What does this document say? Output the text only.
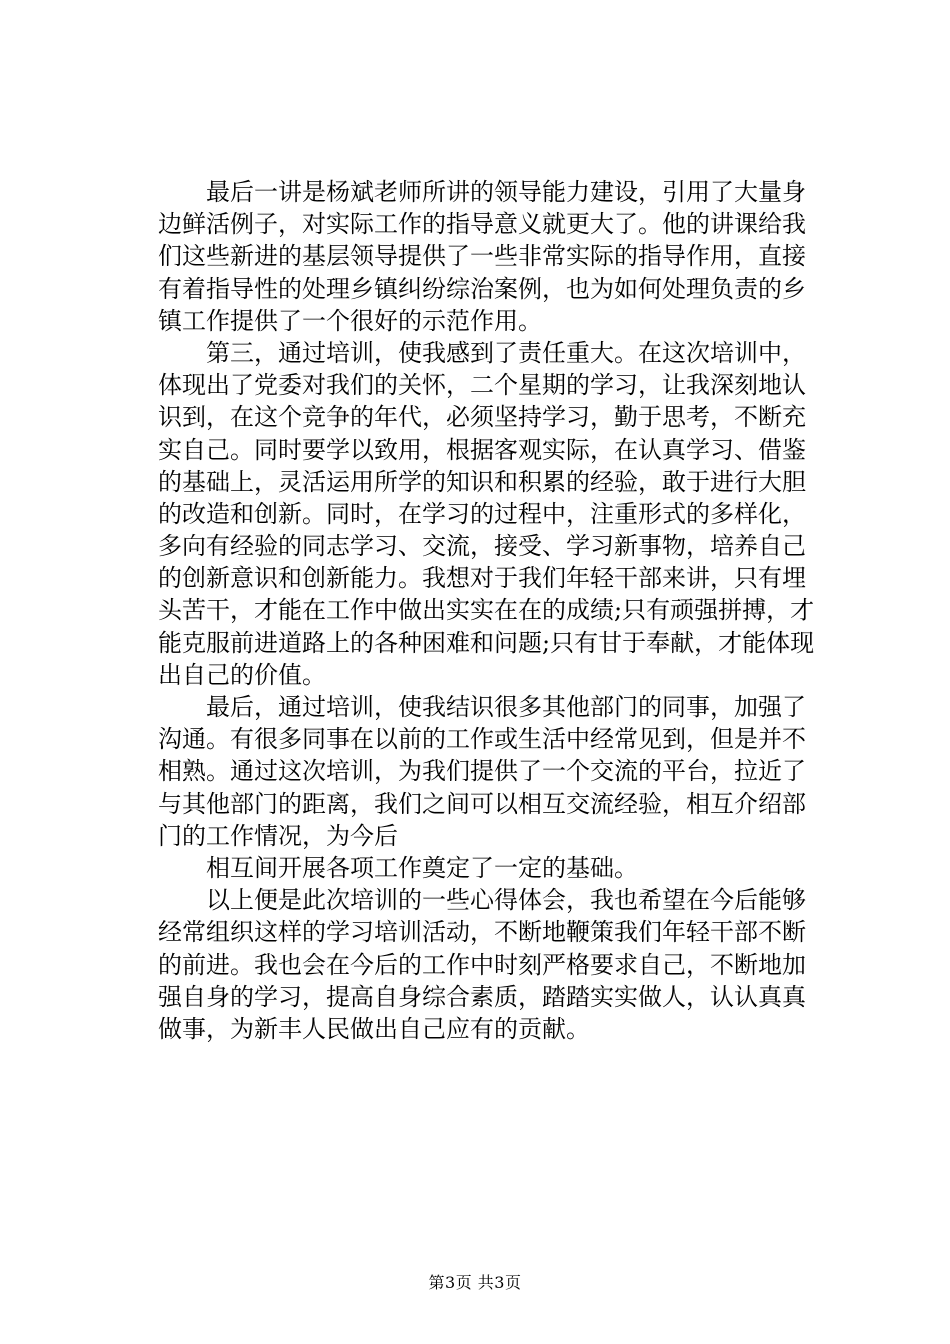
　　最后一讲是杨斌老师所讲的领导能力建设，引用了大量身
边鲜活例子，对实际工作的指导意义就更大了。他的讲课给我
们这些新进的基层领导提供了一些非常实际的指导作用，直接
有着指导性的处理乡镇纠纷综治案例，也为如何处理负责的乡
镇工作提供了一个很好的示范作用。
　　第三，通过培训，使我感到了责任重大。在这次培训中，
体现出了党委对我们的关怀，二个星期的学习，让我深刻地认
识到，在这个竞争的年代，必须坚持学习，勤于思考，不断充
实自己。同时要学以致用，根据客观实际，在认真学习、借鉴
的基础上，灵活运用所学的知识和积累的经验，敢于进行大胆
的改造和创新。同时，在学习的过程中，注重形式的多样化，
多向有经验的同志学习、交流，接受、学习新事物，培养自己
的创新意识和创新能力。我想对于我们年轻干部来讲，只有埋
头苦干，才能在工作中做出实实在在的成绩;只有顽强拼搏，才
能克服前进道路上的各种困难和问题;只有甘于奉献，才能体现
出自己的价值。
　　最后，通过培训，使我结识很多其他部门的同事，加强了
沟通。有很多同事在以前的工作或生活中经常见到，但是并不
相熟。通过这次培训，为我们提供了一个交流的平台，拉近了
与其他部门的距离，我们之间可以相互交流经验，相互介绍部
门的工作情况，为今后
　　相互间开展各项工作奠定了一定的基础。
　　以上便是此次培训的一些心得体会，我也希望在今后能够
经常组织这样的学习培训活动，不断地鞭策我们年轻干部不断
的前进。我也会在今后的工作中时刻严格要求自己，不断地加
强自身的学习，提高自身综合素质，踏踏实实做人，认认真真
做事，为新丰人民做出自己应有的贡献。
第3页 共3页
